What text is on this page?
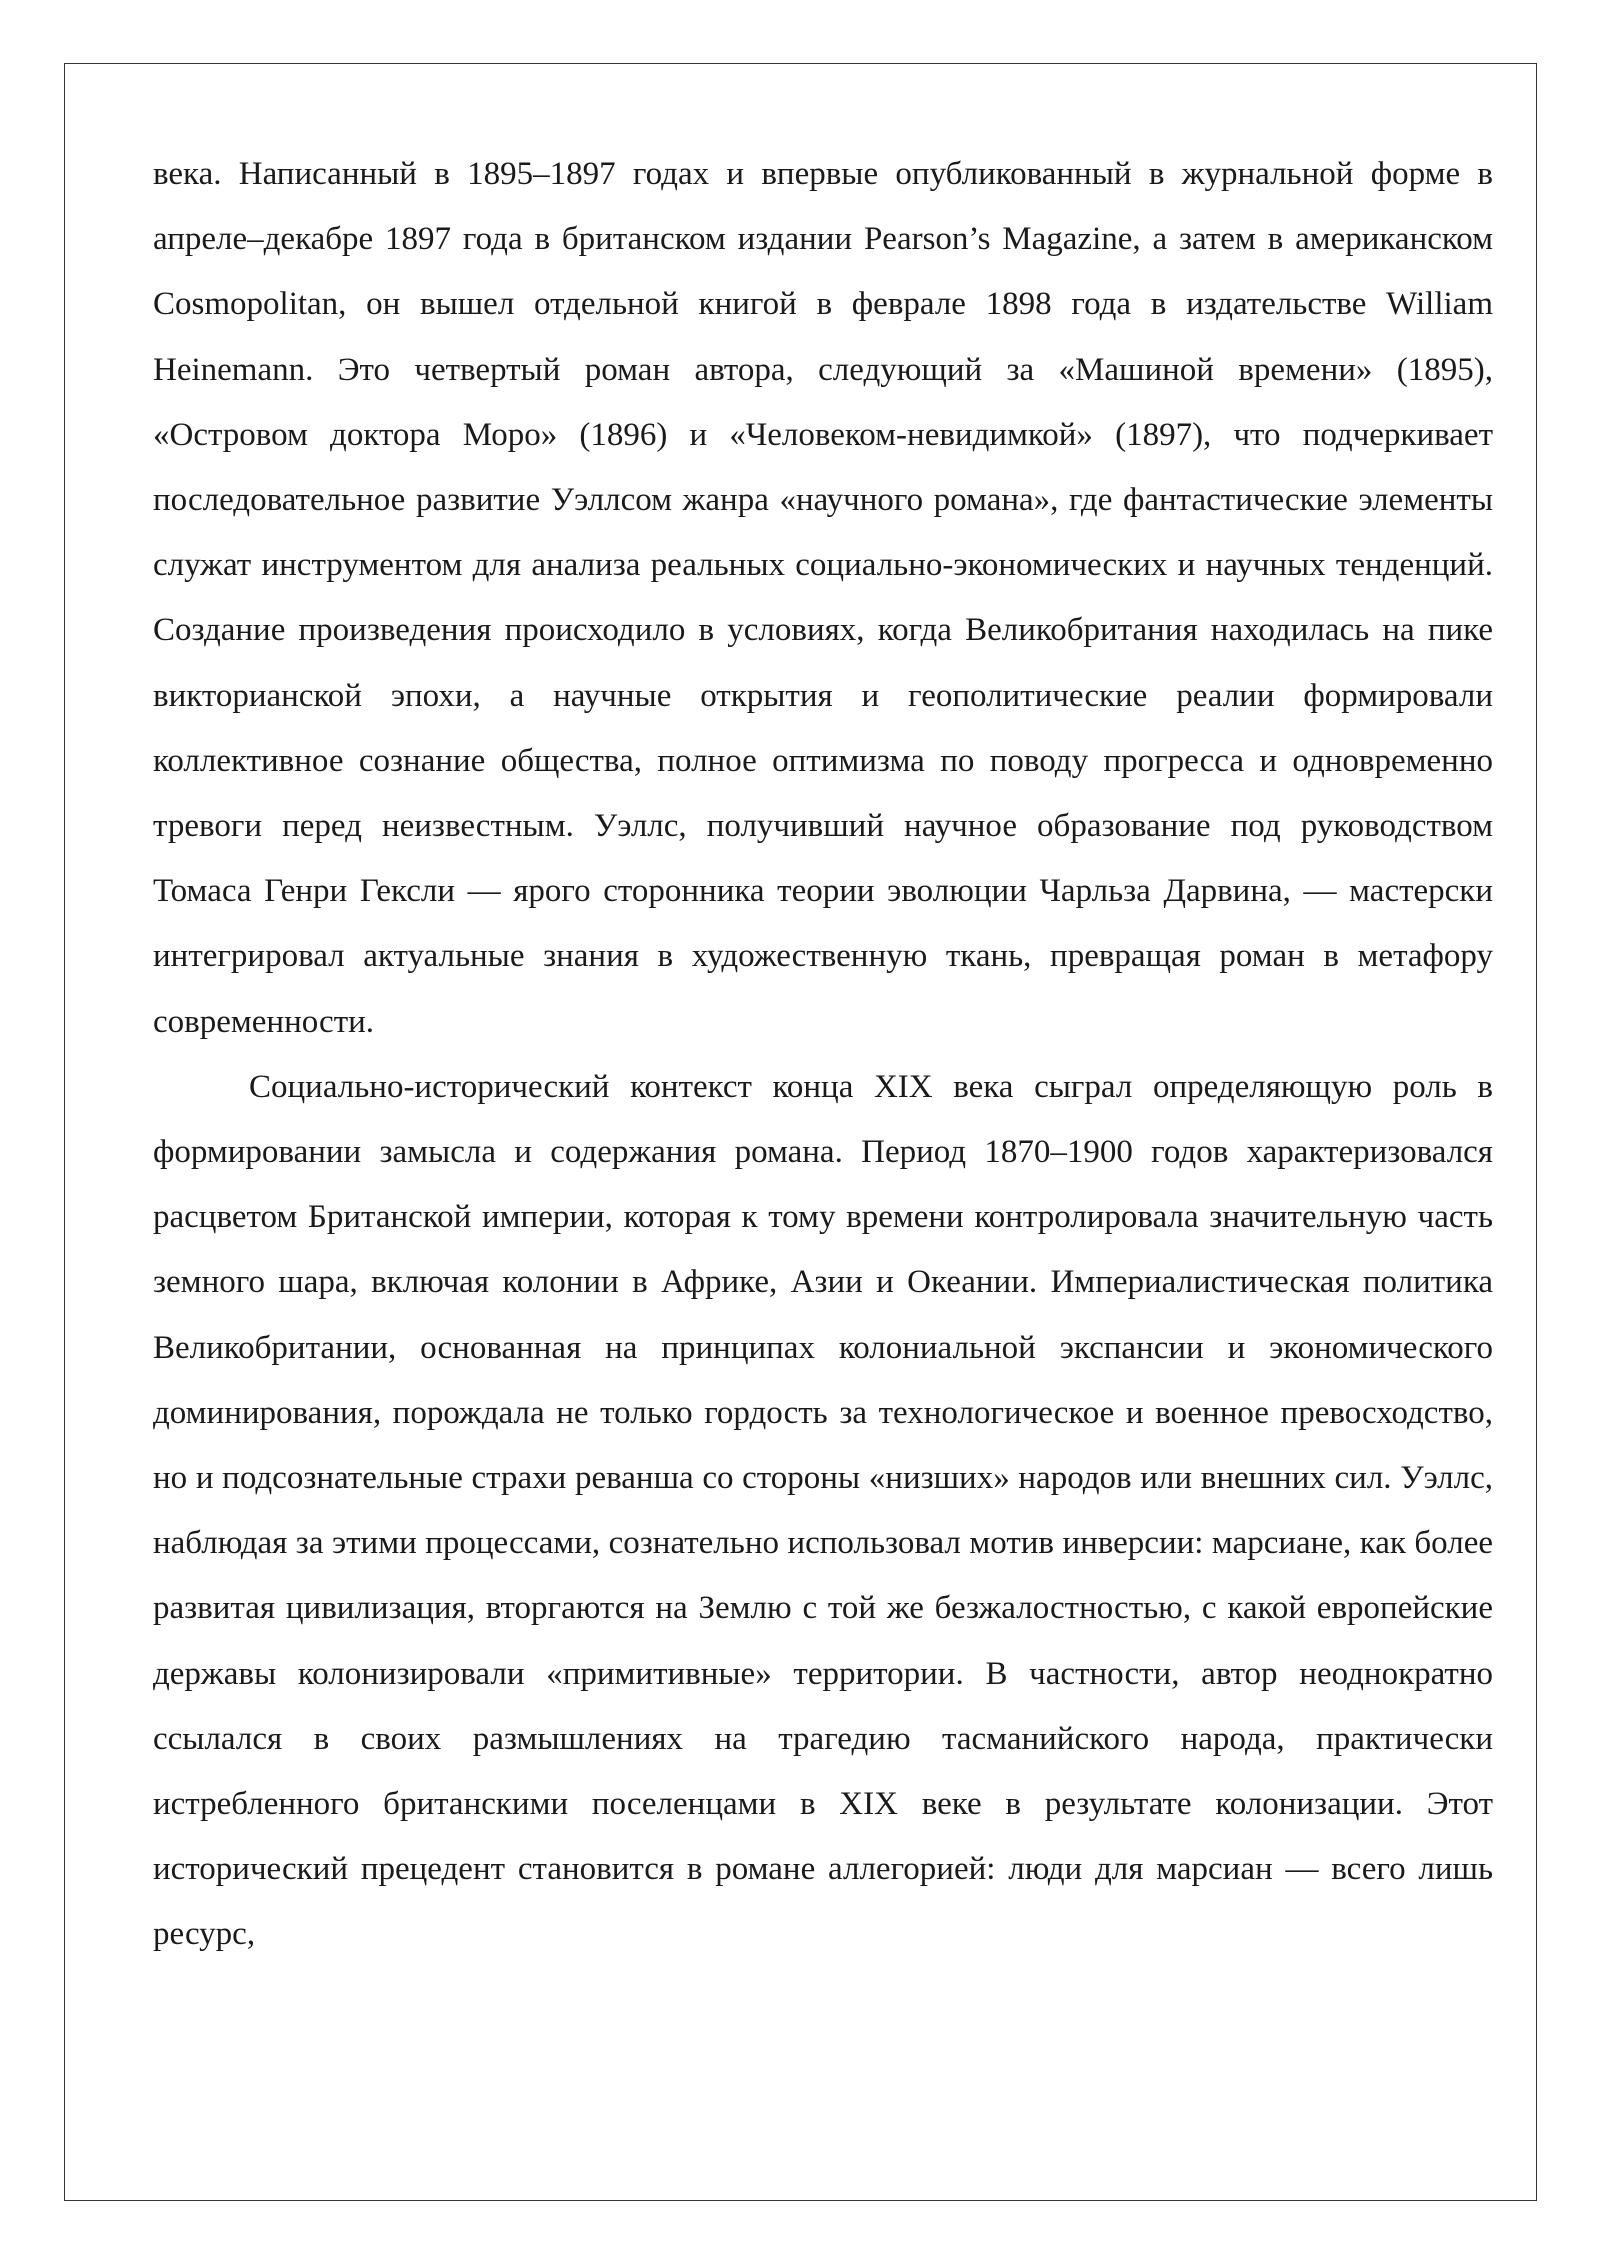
века. Написанный в 1895–1897 годах и впервые опубликованный в журнальной форме в апреле–декабре 1897 года в британском издании Pearson’s Magazine, а затем в американском Cosmopolitan, он вышел отдельной книгой в феврале 1898 года в издательстве William Heinemann. Это четвертый роман автора, следующий за «Машиной времени» (1895), «Островом доктора Моро» (1896) и «Человеком-невидимкой» (1897), что подчеркивает последовательное развитие Уэллсом жанра «научного романа», где фантастические элементы служат инструментом для анализа реальных социально-экономических и научных тенденций. Создание произведения происходило в условиях, когда Великобритания находилась на пике викторианской эпохи, а научные открытия и геополитические реалии формировали коллективное сознание общества, полное оптимизма по поводу прогресса и одновременно тревоги перед неизвестным. Уэллс, получивший научное образование под руководством Томаса Генри Гексли — ярого сторонника теории эволюции Чарльза Дарвина, — мастерски интегрировал актуальные знания в художественную ткань, превращая роман в метафору современности.

Социально-исторический контекст конца XIX века сыграл определяющую роль в формировании замысла и содержания романа. Период 1870–1900 годов характеризовался расцветом Британской империи, которая к тому времени контролировала значительную часть земного шара, включая колонии в Африке, Азии и Океании. Империалистическая политика Великобритании, основанная на принципах колониальной экспансии и экономического доминирования, порождала не только гордость за технологическое и военное превосходство, но и подсознательные страхи реванша со стороны «низших» народов или внешних сил. Уэллс, наблюдая за этими процессами, сознательно использовал мотив инверсии: марсиане, как более развитая цивилизация, вторгаются на Землю с той же безжалостностью, с какой европейские державы колонизировали «примитивные» территории. В частности, автор неоднократно ссылался в своих размышлениях на трагедию тасманийского народа, практически истребленного британскими поселенцами в XIX веке в результате колонизации. Этот исторический прецедент становится в романе аллегорией: люди для марсиан — всего лишь ресурс,
